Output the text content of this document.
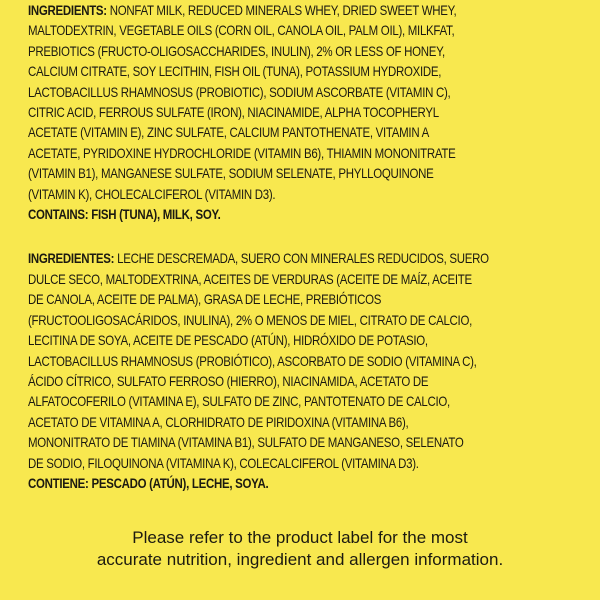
INGREDIENTS: NONFAT MILK, REDUCED MINERALS WHEY, DRIED SWEET WHEY,
MALTODEXTRIN, VEGETABLE OILS (CORN OIL, CANOLA OIL, PALM OIL), MILKFAT,
PREBIOTICS (FRUCTO-OLIGOSACCHARIDES, INULIN), 2% OR LESS OF HONEY,
CALCIUM CITRATE, SOY LECITHIN, FISH OIL (TUNA), POTASSIUM HYDROXIDE,
LACTOBACILLUS RHAMNOSUS (PROBIOTIC), SODIUM ASCORBATE (VITAMIN C),
CITRIC ACID, FERROUS SULFATE (IRON), NIACINAMIDE, ALPHA TOCOPHERYL
ACETATE (VITAMIN E), ZINC SULFATE, CALCIUM PANTOTHENATE, VITAMIN A
ACETATE, PYRIDOXINE HYDROCHLORIDE (VITAMIN B6), THIAMIN MONONITRATE
(VITAMIN B1), MANGANESE SULFATE, SODIUM SELENATE, PHYLLOQUINONE
(VITAMIN K), CHOLECALCIFEROL (VITAMIN D3).
CONTAINS: FISH (TUNA), MILK, SOY.
INGREDIENTES: LECHE DESCREMADA, SUERO CON MINERALES REDUCIDOS, SUERO
DULCE SECO, MALTODEXTRINA, ACEITES DE VERDURAS (ACEITE DE MAÍZ, ACEITE
DE CANOLA, ACEITE DE PALMA), GRASA DE LECHE, PREBIÓTICOS
(FRUCTOOLIGOSACÁRIDOS, INULINA), 2% O MENOS DE MIEL, CITRATO DE CALCIO,
LECITINA DE SOYA, ACEITE DE PESCADO (ATÚN), HIDRÓXIDO DE POTASIO,
LACTOBACILLUS RHAMNOSUS (PROBIÓTICO), ASCORBATO DE SODIO (VITAMINA C),
ÁCIDO CÍTRICO, SULFATO FERROSO (HIERRO), NIACINAMIDA, ACETATO DE
ALFATOCOFERILO (VITAMINA E), SULFATO DE ZINC, PANTOTENATO DE CALCIO,
ACETATO DE VITAMINA A, CLORHIDRATO DE PIRIDOXINA (VITAMINA B6),
MONONITRATO DE TIAMINA (VITAMINA B1), SULFATO DE MANGANESO, SELENATO
DE SODIO, FILOQUINONA (VITAMINA K), COLECALCIFEROL (VITAMINA D3).
CONTIENE: PESCADO (ATÚN), LECHE, SOYA.
Please refer to the product label for the most
accurate nutrition, ingredient and allergen information.
